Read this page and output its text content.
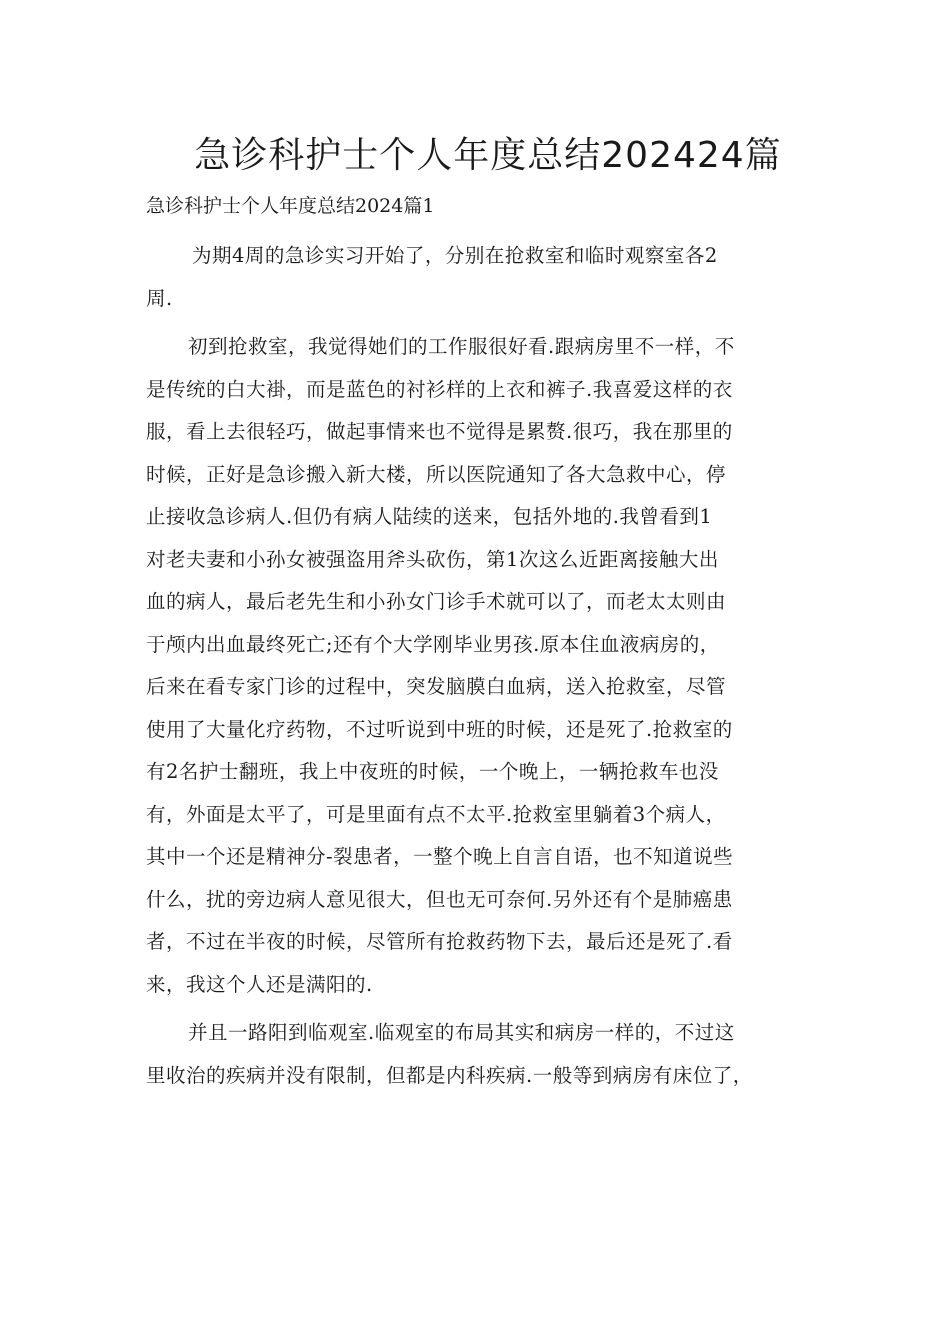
急诊科护士个人年度总结202424篇
急诊科护士个人年度总结2024篇1

为期4周的急诊实习开始了，分别在抢救室和临时观察室各2
周.

初到抢救室，我觉得她们的工作服很好看.跟病房里不一样，不
是传统的白大褂，而是蓝色的衬衫样的上衣和裤子.我喜爱这样的衣
服，看上去很轻巧，做起事情来也不觉得是累赘.很巧，我在那里的
时候，正好是急诊搬入新大楼，所以医院通知了各大急救中心，停
止接收急诊病人.但仍有病人陆续的送来，包括外地的.我曾看到1
对老夫妻和小孙女被强盗用斧头砍伤，第1次这么近距离接触大出
血的病人，最后老先生和小孙女门诊手术就可以了，而老太太则由
于颅内出血最终死亡;还有个大学刚毕业男孩.原本住血液病房的，
后来在看专家门诊的过程中，突发脑膜白血病，送入抢救室，尽管
使用了大量化疗药物，不过听说到中班的时候，还是死了.抢救室的
有2名护士翻班，我上中夜班的时候，一个晚上，一辆抢救车也没
有，外面是太平了，可是里面有点不太平.抢救室里躺着3个病人，
其中一个还是精神分-裂患者，一整个晚上自言自语，也不知道说些
什么，扰的旁边病人意见很大，但也无可奈何.另外还有个是肺癌患
者，不过在半夜的时候，尽管所有抢救药物下去，最后还是死了.看
来，我这个人还是满阳的.

并且一路阳到临观室.临观室的布局其实和病房一样的，不过这
里收治的疾病并没有限制，但都是内科疾病.一般等到病房有床位了，
